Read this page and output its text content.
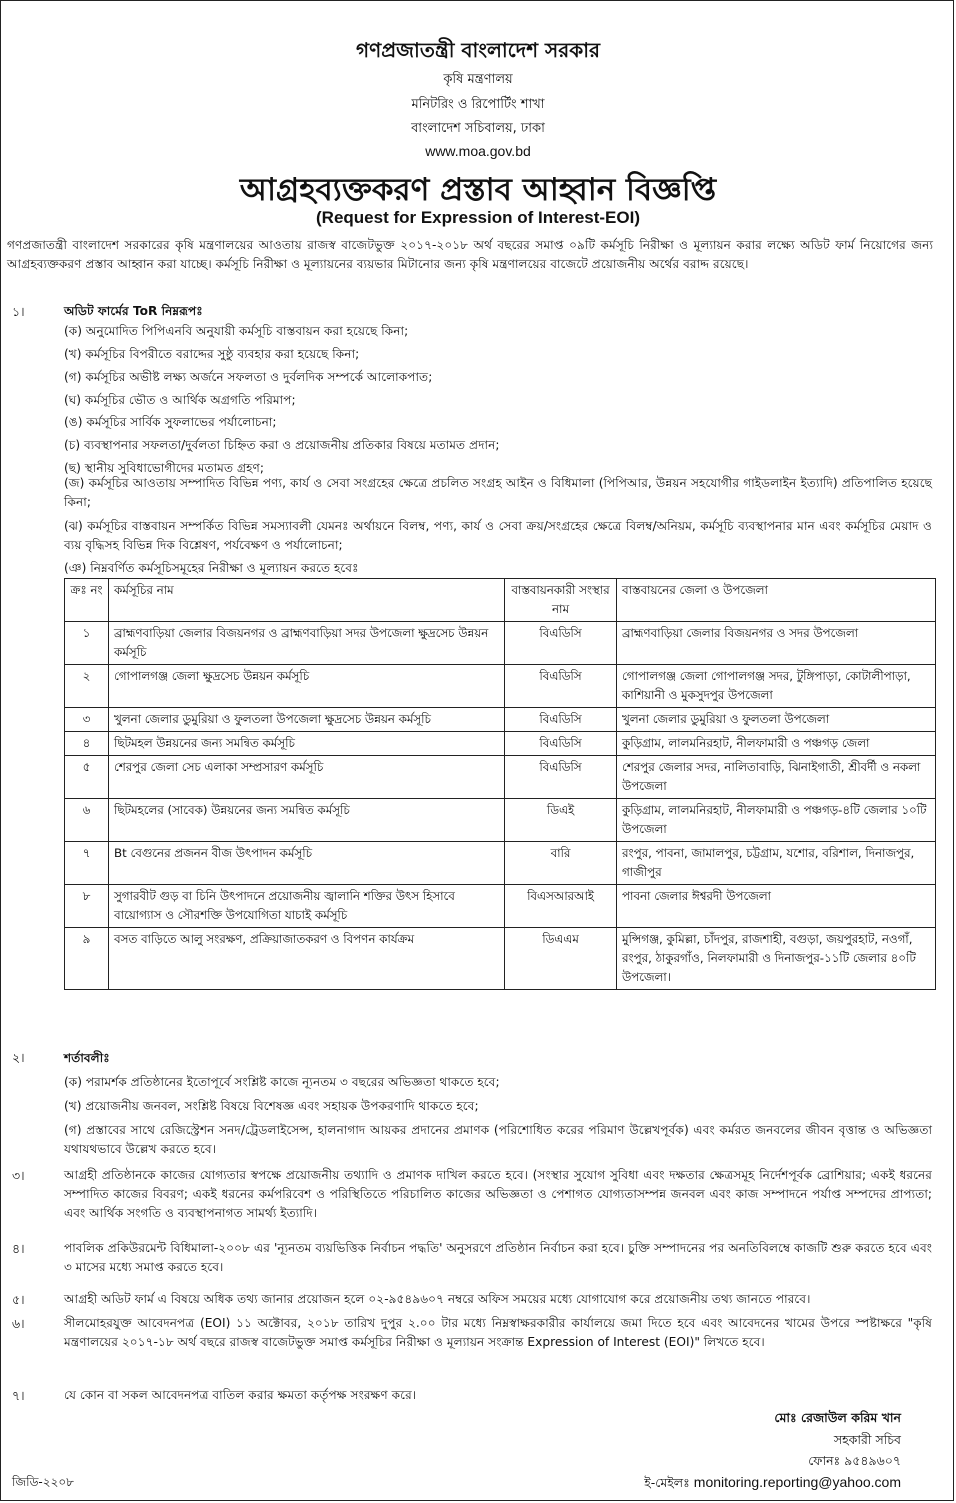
গণপ্রজাতন্ত্রী বাংলাদেশ সরকার
কৃষি মন্ত্রণালয়
মনিটরিং ও রিপোর্টিং শাখা
বাংলাদেশ সচিবালয়, ঢাকা
www.moa.gov.bd
আগ্রহব্যক্তকরণ প্রস্তাব আহ্বান বিজ্ঞপ্তি
(Request for Expression of Interest-EOI)
গণপ্রজাতন্ত্রী বাংলাদেশ সরকারের কৃষি মন্ত্রণালয়ের আওতায় রাজস্ব বাজেটভুক্ত ২০১৭-২০১৮ অর্থ বছরের সমাপ্ত ০৯টি কর্মসূচি নিরীক্ষা ও মূল্যায়ন করার লক্ষ্যে অডিট ফার্ম নিয়োগের জন্য আগ্রহব্যক্তকরণ প্রস্তাব আহ্বান করা যাচ্ছে। কর্মসূচি নিরীক্ষা ও মূল্যায়নের ব্যয়ভার মিটানোর জন্য কৃষি মন্ত্রণালয়ের বাজেটে প্রয়োজনীয় অর্থের বরাদ্দ রয়েছে।
১।	অডিট ফার্মের ToR নিম্নরূপঃ
(ক) অনুমোদিত পিপিএনবি অনুযায়ী কর্মসূচি বাস্তবায়ন করা হয়েছে কিনা;
(খ) কর্মসূচির বিপরীতে বরাদ্দের সুষ্ঠু ব্যবহার করা হয়েছে কিনা;
(গ) কর্মসূচির অভীষ্ট লক্ষ্য অর্জনে সফলতা ও দুর্বলদিক সম্পর্কে আলোকপাত;
(ঘ) কর্মসূচির ভৌত ও আর্থিক অগ্রগতি পরিমাপ;
(ঙ) কর্মসূচির সার্বিক সুফলাভের পর্যালোচনা;
(চ) ব্যবস্থাপনার সফলতা/দুর্বলতা চিহ্নিত করা ও প্রয়োজনীয় প্রতিকার বিষয়ে মতামত প্রদান;
(ছ) স্থানীয় সুবিধাভোগীদের মতামত গ্রহণ;
(জ) কর্মসূচির আওতায় সম্পাদিত বিভিন্ন পণ্য, কার্য ও সেবা সংগ্রহের ক্ষেত্রে প্রচলিত সংগ্রহ আইন ও বিধিমালা (পিপিআর, উন্নয়ন সহযোগীর গাইডলাইন ইত্যাদি) প্রতিপালিত হয়েছে কিনা;
(ঝ) কর্মসূচির বাস্তবায়ন সম্পর্কিত বিভিন্ন সমস্যাবলী যেমনঃ অর্থায়নে বিলম্ব, পণ্য, কার্য ও সেবা ক্রয়/সংগ্রহের ক্ষেত্রে বিলম্ব/অনিয়ম, কর্মসূচি ব্যবস্থাপনার মান এবং কর্মসূচির মেয়াদ ও ব্যয় বৃদ্ধিসহ বিভিন্ন দিক বিশ্লেষণ, পর্যবেক্ষণ ও পর্যালোচনা;
(ঞ) নিম্নবর্ণিত কর্মসূচিসমূহের নিরীক্ষা ও মূল্যায়ন করতে হবেঃ
ক্রঃ নং	কর্মসূচির নাম	বাস্তবায়নকারী সংস্থার নাম	বাস্তবায়নের জেলা ও উপজেলা
১	ব্রাহ্মণবাড়িয়া জেলার বিজয়নগর ও ব্রাহ্মণবাড়িয়া সদর উপজেলা ক্ষুদ্রসেচ উন্নয়ন কর্মসূচি	বিএডিসি	ব্রাহ্মণবাড়িয়া জেলার বিজয়নগর ও সদর উপজেলা
২	গোপালগঞ্জ জেলা ক্ষুদ্রসেচ উন্নয়ন কর্মসূচি	বিএডিসি	গোপালগঞ্জ জেলা গোপালগঞ্জ সদর, টুঙ্গিপাড়া, কোটালীপাড়া, কাশিয়ানী ও মুকসুদপুর উপজেলা
৩	খুলনা জেলার ডুমুরিয়া ও ফুলতলা উপজেলা ক্ষুদ্রসেচ উন্নয়ন কর্মসূচি	বিএডিসি	খুলনা জেলার ডুমুরিয়া ও ফুলতলা উপজেলা
৪	ছিটমহল উন্নয়নের জন্য সমন্বিত কর্মসূচি	বিএডিসি	কুড়িগ্রাম, লালমনিরহাট, নীলফামারী ও পঞ্চগড় জেলা
৫	শেরপুর জেলা সেচ এলাকা সম্প্রসারণ কর্মসূচি	বিএডিসি	শেরপুর জেলার সদর, নালিতাবাড়ি, ঝিনাইগাতী, শ্রীবর্দী ও নকলা উপজেলা
৬	ছিটমহলের (সাবেক) উন্নয়নের জন্য সমন্বিত কর্মসূচি	ডিএই	কুড়িগ্রাম, লালমনিরহাট, নীলফামারী ও পঞ্চগড়-৪টি জেলার ১০টি উপজেলা
৭	Bt বেগুনের প্রজনন বীজ উৎপাদন কর্মসূচি	বারি	রংপুর, পাবনা, জামালপুর, চট্টগ্রাম, যশোর, বরিশাল, দিনাজপুর, গাজীপুর
৮	সুগারবীট গুড় বা চিনি উৎপাদনে প্রয়োজনীয় জ্বালানি শক্তির উৎস হিসাবে বায়োগ্যাস ও সৌরশক্তি উপযোগিতা যাচাই কর্মসূচি	বিএসআরআই	পাবনা জেলার ঈশ্বরদী উপজেলা
৯	বসত বাড়িতে আলু সংরক্ষণ, প্রক্রিয়াজাতকরণ ও বিপণন কার্যক্রম	ডিএএম	মুন্সিগঞ্জ, কুমিল্লা, চাঁদপুর, রাজশাহী, বগুড়া, জয়পুরহাট, নওগাঁ, রংপুর, ঠাকুরগাঁও, নিলফামারী ও দিনাজপুর-১১টি জেলার ৪০টি উপজেলা।
২।	শর্তাবলীঃ
(ক) পরামর্শক প্রতিষ্ঠানের ইতোপূর্বে সংশ্লিষ্ট কাজে ন্যূনতম ৩ বছরের অভিজ্ঞতা থাকতে হবে;
(খ) প্রয়োজনীয় জনবল, সংশ্লিষ্ট বিষয়ে বিশেষজ্ঞ এবং সহায়ক উপকরণাদি থাকতে হবে;
(গ) প্রস্তাবের সাথে রেজিস্ট্রেশন সনদ/ট্রেডলাইসেন্স, হালনাগাদ আয়কর প্রদানের প্রমাণক (পরিশোধিত করের পরিমাণ উল্লেখপূর্বক) এবং কর্মরত জনবলের জীবন বৃত্তান্ত ও অভিজ্ঞতা যথাযথভাবে উল্লেখ করতে হবে।
৩।	আগ্রহী প্রতিষ্ঠানকে কাজের যোগ্যতার স্বপক্ষে প্রয়োজনীয় তথ্যাদি ও প্রমাণক দাখিল করতে হবে। (সংস্থার সুযোগ সুবিধা এবং দক্ষতার ক্ষেত্রসমূহ নির্দেশপূর্বক ব্রোশিয়ার; একই ধরনের সম্পাদিত কাজের বিবরণ; একই ধরনের কর্মপরিবেশ ও পরিস্থিতিতে পরিচালিত কাজের অভিজ্ঞতা ও পেশাগত যোগ্যতাসম্পন্ন জনবল এবং কাজ সম্পাদনে পর্যাপ্ত সম্পদের প্রাপ্যতা; এবং আর্থিক সংগতি ও ব্যবস্থাপনাগত সামর্থ্য ইত্যাদি।
৪।	পাবলিক প্রকিউরমেন্ট বিধিমালা-২০০৮ এর 'ন্যূনতম ব্যয়ভিত্তিক নির্বাচন পদ্ধতি' অনুসরণে প্রতিষ্ঠান নির্বাচন করা হবে। চুক্তি সম্পাদনের পর অনতিবিলম্বে কাজটি শুরু করতে হবে এবং ৩ মাসের মধ্যে সমাপ্ত করতে হবে।
৫।	আগ্রহী অডিট ফার্ম এ বিষয়ে অধিক তথ্য জানার প্রয়োজন হলে ০২-৯৫৪৯৬০৭ নম্বরে অফিস সময়ের মধ্যে যোগাযোগ করে প্রয়োজনীয় তথ্য জানতে পারবে।
৬।	সীলমোহরযুক্ত আবেদনপত্র (EOI) ১১ অক্টোবর, ২০১৮ তারিখ দুপুর ২.০০ টার মধ্যে নিম্নস্বাক্ষরকারীর কার্যালয়ে জমা দিতে হবে এবং আবেদনের খামের উপরে স্পষ্টাক্ষরে "কৃষি মন্ত্রণালয়ের ২০১৭-১৮ অর্থ বছরে রাজস্ব বাজেটভুক্ত সমাপ্ত কর্মসূচির নিরীক্ষা ও মূল্যায়ন সংক্রান্ত Expression of Interest (EOI)" লিখতে হবে।
৭।	যে কোন বা সকল আবেদনপত্র বাতিল করার ক্ষমতা কর্তৃপক্ষ সংরক্ষণ করে।
মোঃ রেজাউল করিম খান
সহকারী সচিব
ফোনঃ ৯৫৪৯৬০৭
ই-মেইলঃ monitoring.reporting@yahoo.com
জিডি-২২০৮
